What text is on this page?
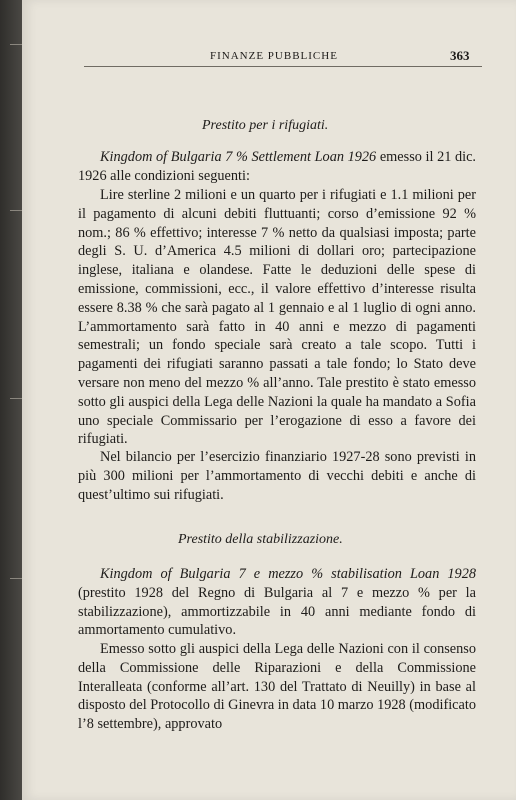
FINANZE PUBBLICHE	363
Prestito per i rifugiati.

Kingdom of Bulgaria 7 % Settlement Loan 1926 emesso il 21 dic. 1926 alle condizioni seguenti:

Lire sterline 2 milioni e un quarto per i rifugiati e 1.1 milioni per il pagamento di alcuni debiti fluttuanti; corso d’emissione 92 % nom.; 86 % effettivo; interesse 7 % netto da qualsiasi imposta; parte degli S. U. d’America 4.5 milioni di dollari oro; partecipazione inglese, italiana e olandese. Fatte le deduzioni delle spese di emissione, commissioni, ecc., il valore effettivo d’interesse risulta essere 8.38 % che sarà pagato al 1 gennaio e al 1 luglio di ogni anno. L’ammortamento sarà fatto in 40 anni e mezzo di pagamenti semestrali; un fondo speciale sarà creato a tale scopo. Tutti i pagamenti dei rifugiati saranno passati a tale fondo; lo Stato deve versare non meno del mezzo % all’anno. Tale prestito è stato emesso sotto gli auspici della Lega delle Nazioni la quale ha mandato a Sofia uno speciale Commissario per l’erogazione di esso a favore dei rifugiati.

Nel bilancio per l’esercizio finanziario 1927-28 sono previsti in più 300 milioni per l’ammortamento di vecchi debiti e anche di quest’ultimo sui rifugiati.

Prestito della stabilizzazione.

Kingdom of Bulgaria 7 e mezzo % stabilisation Loan 1928 (prestito 1928 del Regno di Bulgaria al 7 e mezzo % per la stabilizzazione), ammortizzabile in 40 anni mediante fondo di ammortamento cumulativo.

Emesso sotto gli auspici della Lega delle Nazioni con il consenso della Commissione delle Riparazioni e della Commissione Interalleata (conforme all’art. 130 del Trattato di Neuilly) in base al disposto del Protocollo di Ginevra in data 10 marzo 1928 (modificato l’8 settembre), approvato
